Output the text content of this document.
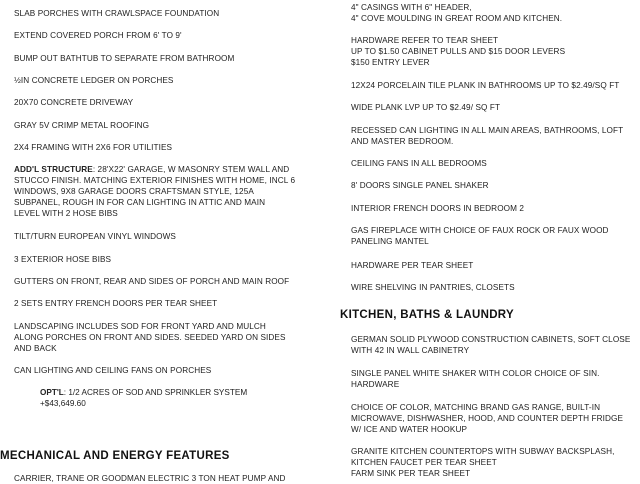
SLAB PORCHES WITH CRAWLSPACE FOUNDATION
EXTEND COVERED PORCH FROM 6' TO 9'
BUMP OUT BATHTUB TO SEPARATE FROM BATHROOM
½IN CONCRETE LEDGER ON PORCHES
20X70 CONCRETE DRIVEWAY
GRAY 5V CRIMP METAL ROOFING
2X4 FRAMING WITH 2X6 FOR UTILITIES
ADD'L STRUCTURE: 28'X22' GARAGE, W MASONRY STEM WALL AND
STUCCO FINISH. MATCHING EXTERIOR FINISHES WITH HOME, INCL 6
WINDOWS, 9X8 GARAGE DOORS CRAFTSMAN STYLE, 125A
SUBPANEL, ROUGH IN FOR CAN LIGHTING IN ATTIC AND MAIN
LEVEL WITH 2 HOSE BIBS
TILT/TURN EUROPEAN VINYL WINDOWS
3 EXTERIOR HOSE BIBS
GUTTERS ON FRONT, REAR AND SIDES OF PORCH AND MAIN ROOF
2 SETS ENTRY FRENCH DOORS PER TEAR SHEET
LANDSCAPING INCLUDES SOD FOR FRONT YARD AND MULCH
ALONG PORCHES ON FRONT AND SIDES. SEEDED YARD ON SIDES
AND BACK
CAN LIGHTING AND CEILING FANS ON PORCHES
OPT'L: 1/2 ACRES OF SOD AND SPRINKLER SYSTEM
+$43,649.60
MECHANICAL AND ENERGY FEATURES
CARRIER, TRANE OR GOODMAN ELECTRIC 3 TON HEAT PUMP AND
4" CASINGS WITH 6" HEADER,
4" COVE MOULDING IN GREAT ROOM AND KITCHEN.
HARDWARE REFER TO TEAR SHEET
UP TO $1.50 CABINET PULLS AND $15 DOOR LEVERS
$150 ENTRY LEVER
12X24 PORCELAIN TILE PLANK IN BATHROOMS UP TO $2.49/SQ FT
WIDE PLANK LVP UP TO $2.49/ SQ FT
RECESSED CAN LIGHTING IN ALL MAIN AREAS, BATHROOMS, LOFT
AND MASTER BEDROOM.
CEILING FANS IN ALL BEDROOMS
8' DOORS SINGLE PANEL SHAKER
INTERIOR FRENCH DOORS IN BEDROOM 2
GAS FIREPLACE WITH CHOICE OF FAUX ROCK OR FAUX WOOD
PANELING MANTEL
HARDWARE PER TEAR SHEET
WIRE SHELVING IN PANTRIES, CLOSETS
KITCHEN, BATHS & LAUNDRY
GERMAN SOLID PLYWOOD CONSTRUCTION CABINETS, SOFT CLOSE
WITH 42 IN WALL CABINETRY
SINGLE PANEL WHITE SHAKER WITH COLOR CHOICE OF SIN.
HARDWARE
CHOICE OF COLOR, MATCHING BRAND GAS RANGE, BUILT-IN
MICROWAVE, DISHWASHER, HOOD, AND COUNTER DEPTH FRIDGE
W/ ICE AND WATER HOOKUP
GRANITE KITCHEN COUNTERTOPS WITH SUBWAY BACKSPLASH,
KITCHEN FAUCET PER TEAR SHEET
FARM SINK PER TEAR SHEET
